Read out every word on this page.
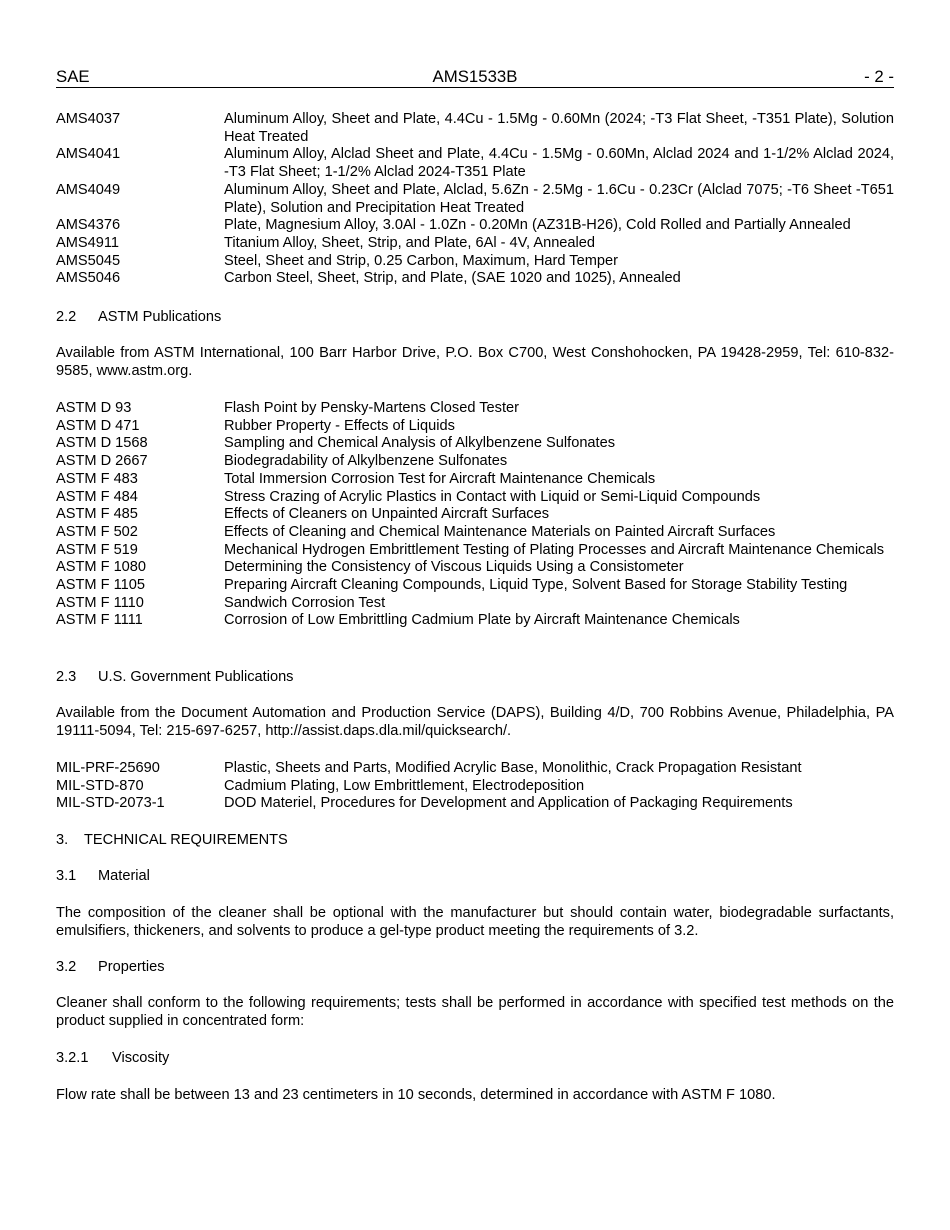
SAE	AMS1533B	- 2 -
AMS4037	Aluminum Alloy, Sheet and Plate, 4.4Cu - 1.5Mg - 0.60Mn (2024; -T3 Flat Sheet, -T351 Plate), Solution Heat Treated
AMS4041	Aluminum Alloy, Alclad Sheet and Plate, 4.4Cu - 1.5Mg - 0.60Mn, Alclad 2024 and 1-1/2% Alclad 2024, -T3 Flat Sheet; 1-1/2% Alclad 2024-T351 Plate
AMS4049	Aluminum Alloy, Sheet and Plate, Alclad, 5.6Zn - 2.5Mg - 1.6Cu - 0.23Cr (Alclad 7075; -T6 Sheet -T651 Plate), Solution and Precipitation Heat Treated
AMS4376	Plate, Magnesium Alloy, 3.0Al - 1.0Zn - 0.20Mn (AZ31B-H26), Cold Rolled and Partially Annealed
AMS4911	Titanium Alloy, Sheet, Strip, and Plate, 6Al - 4V, Annealed
AMS5045	Steel, Sheet and Strip, 0.25 Carbon, Maximum, Hard Temper
AMS5046	Carbon Steel, Sheet, Strip, and Plate, (SAE 1020 and 1025), Annealed
2.2 ASTM Publications
Available from ASTM International, 100 Barr Harbor Drive, P.O. Box C700, West Conshohocken, PA 19428-2959, Tel: 610-832-9585, www.astm.org.
ASTM D 93	Flash Point by Pensky-Martens Closed Tester
ASTM D 471	Rubber Property - Effects of Liquids
ASTM D 1568	Sampling and Chemical Analysis of Alkylbenzene Sulfonates
ASTM D 2667	Biodegradability of Alkylbenzene Sulfonates
ASTM F 483	Total Immersion Corrosion Test for Aircraft Maintenance Chemicals
ASTM F 484	Stress Crazing of Acrylic Plastics in Contact with Liquid or Semi-Liquid Compounds
ASTM F 485	Effects of Cleaners on Unpainted Aircraft Surfaces
ASTM F 502	Effects of Cleaning and Chemical Maintenance Materials on Painted Aircraft Surfaces
ASTM F 519	Mechanical Hydrogen Embrittlement Testing of Plating Processes and Aircraft Maintenance Chemicals
ASTM F 1080	Determining the Consistency of Viscous Liquids Using a Consistometer
ASTM F 1105	Preparing Aircraft Cleaning Compounds, Liquid Type, Solvent Based for Storage Stability Testing
ASTM F 1110	Sandwich Corrosion Test
ASTM F 1111	Corrosion of Low Embrittling Cadmium Plate by Aircraft Maintenance Chemicals
2.3 U.S. Government Publications
Available from the Document Automation and Production Service (DAPS), Building 4/D, 700 Robbins Avenue, Philadelphia, PA 19111-5094, Tel: 215-697-6257, http://assist.daps.dla.mil/quicksearch/.
MIL-PRF-25690	Plastic, Sheets and Parts, Modified Acrylic Base, Monolithic, Crack Propagation Resistant
MIL-STD-870	Cadmium Plating, Low Embrittlement, Electrodeposition
MIL-STD-2073-1	DOD Materiel, Procedures for Development and Application of Packaging Requirements
3. TECHNICAL REQUIREMENTS
3.1 Material
The composition of the cleaner shall be optional with the manufacturer but should contain water, biodegradable surfactants, emulsifiers, thickeners, and solvents to produce a gel-type product meeting the requirements of 3.2.
3.2 Properties
Cleaner shall conform to the following requirements; tests shall be performed in accordance with specified test methods on the product supplied in concentrated form:
3.2.1 Viscosity
Flow rate shall be between 13 and 23 centimeters in 10 seconds, determined in accordance with ASTM F 1080.
